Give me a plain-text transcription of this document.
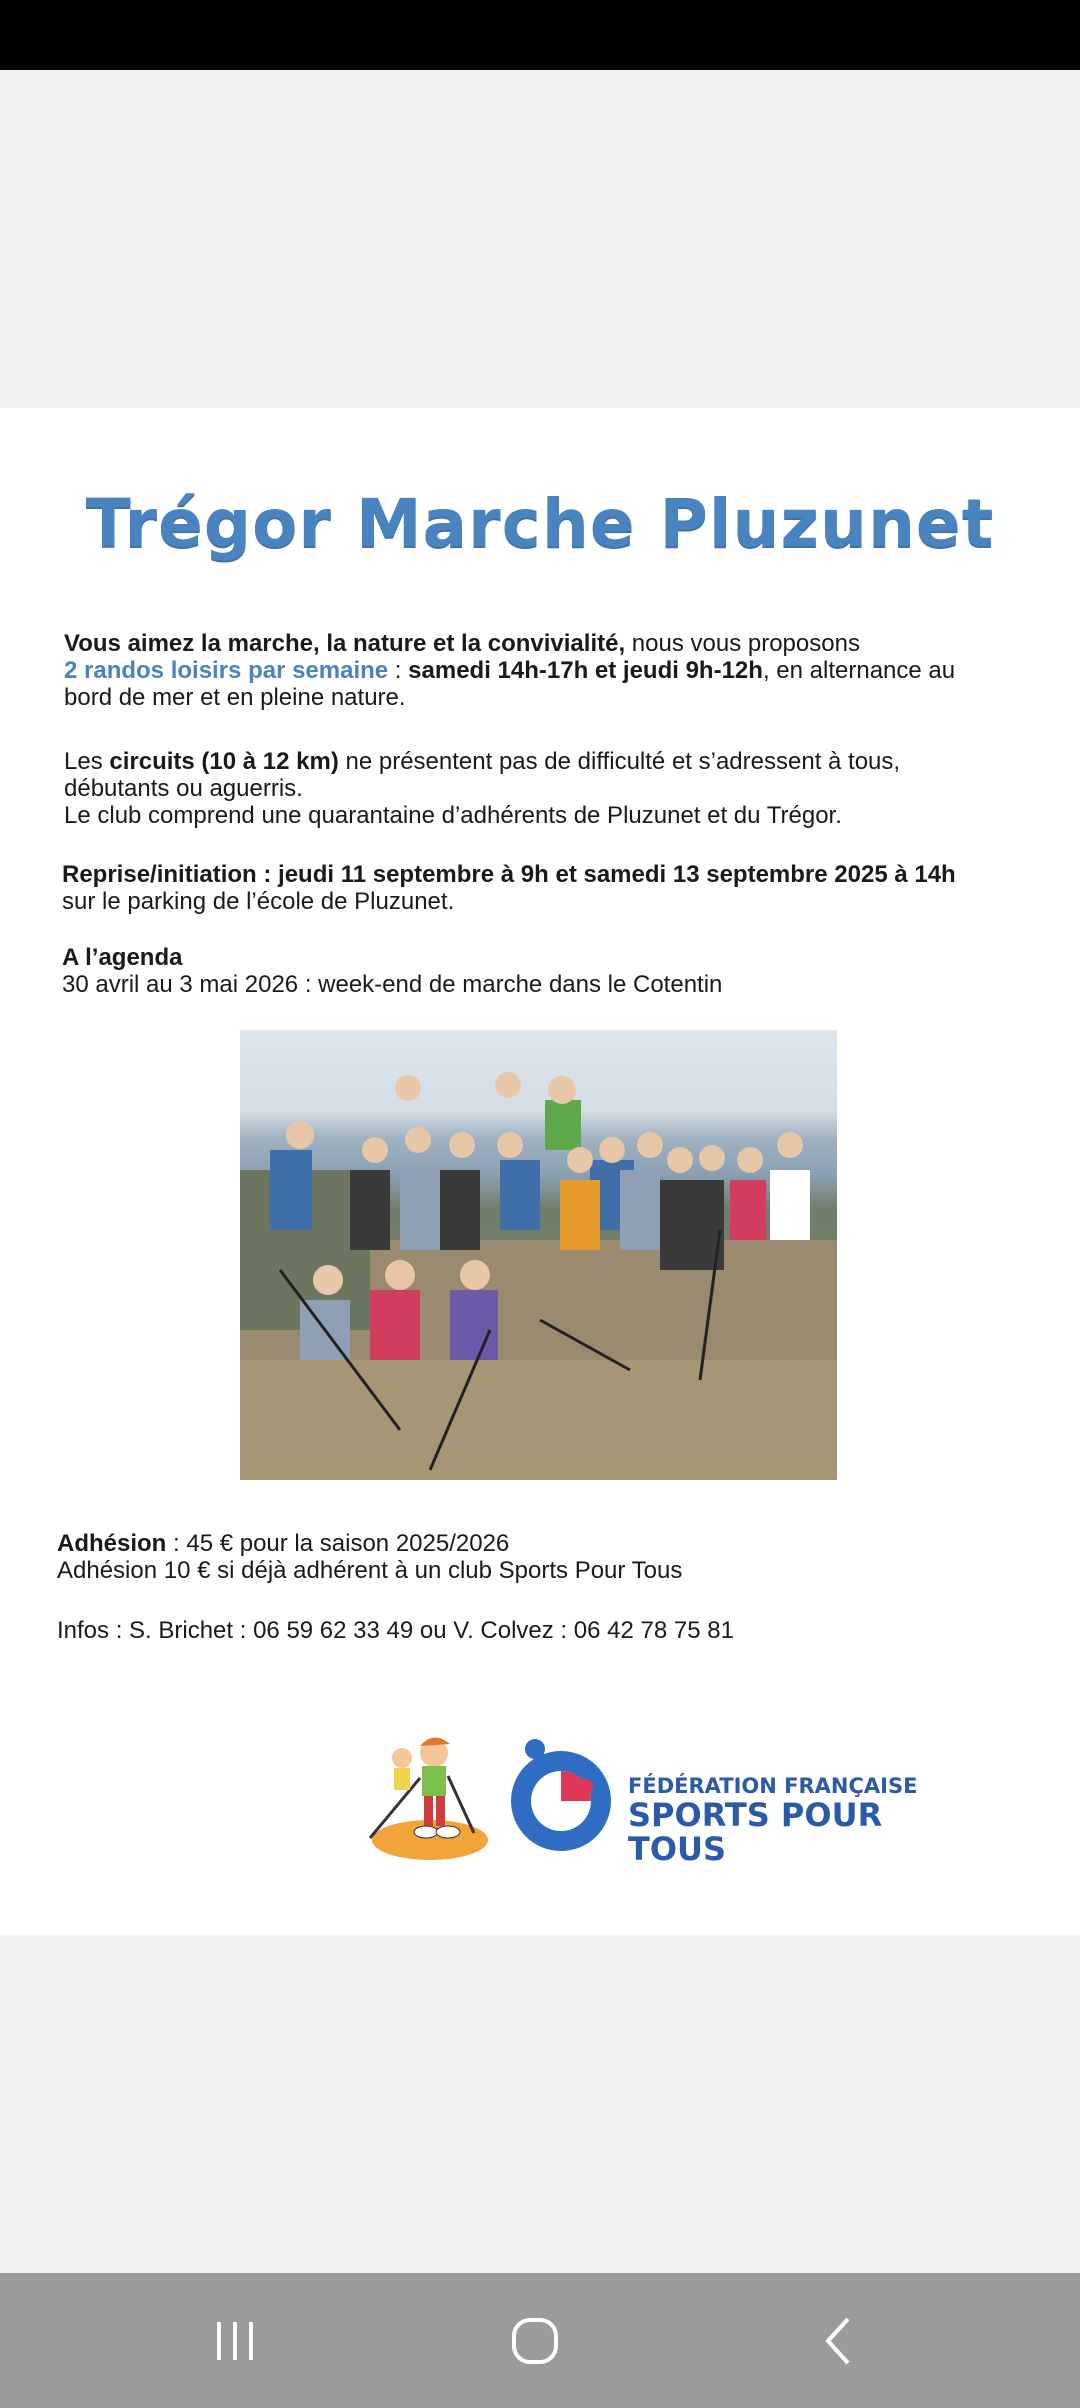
Trégor Marche Pluzunet

Vous aimez la marche, la nature et la convivialité, nous vous proposons
2 randos loisirs par semaine : samedi 14h-17h et jeudi 9h-12h, en alternance au
bord de mer et en pleine nature.

Les circuits (10 à 12 km) ne présentent pas de difficulté et s’adressent à tous,
débutants ou aguerris.
Le club comprend une quarantaine d’adhérents de Pluzunet et du Trégor.

Reprise/initiation : jeudi 11 septembre à 9h et samedi 13 septembre 2025 à 14h
sur le parking de l’école de Pluzunet.

A l’agenda
30 avril au 3 mai 2026 : week-end de marche dans le Cotentin

Adhésion : 45 € pour la saison 2025/2026
Adhésion 10 € si déjà adhérent à un club Sports Pour Tous

Infos : S. Brichet : 06 59 62 33 49 ou V. Colvez : 06 42 78 75 81

FÉDÉRATION FRANÇAISE
SPORTS POUR TOUS
